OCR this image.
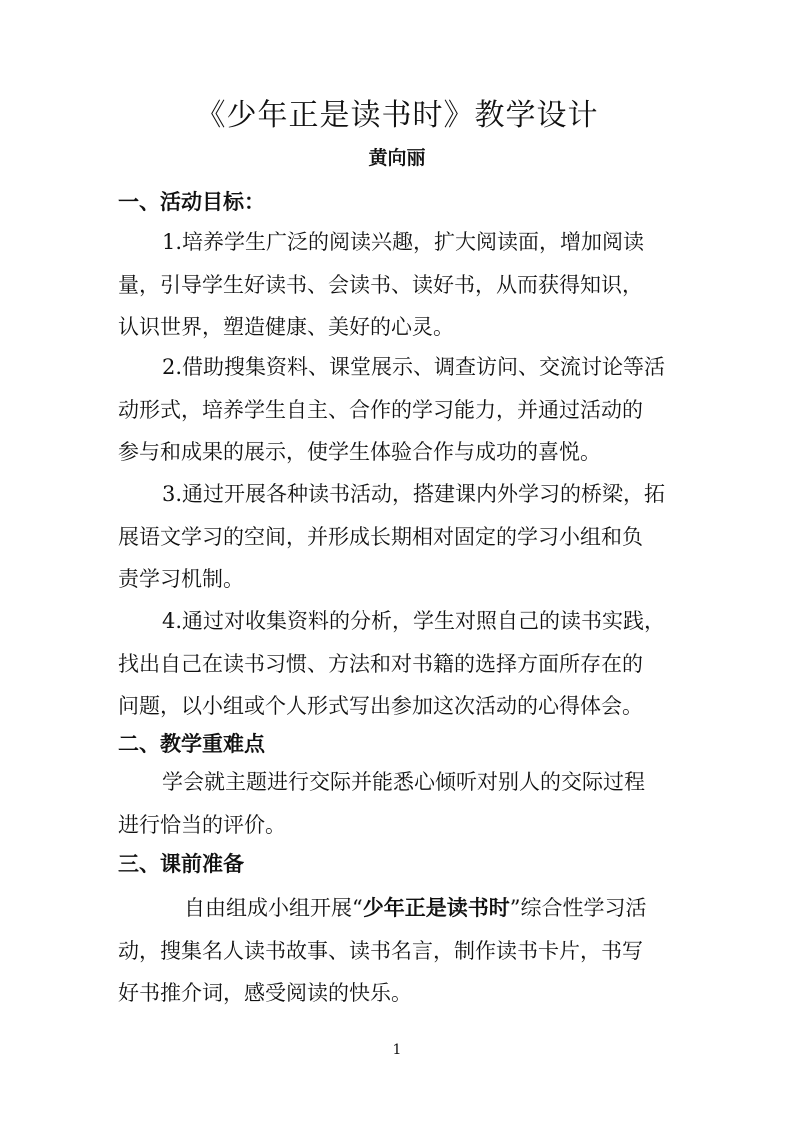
《少年正是读书时》教学设计
黄向丽
一、活动目标：
1.培养学生广泛的阅读兴趣，扩大阅读面，增加阅读
量，引导学生好读书、会读书、读好书，从而获得知识，
认识世界，塑造健康、美好的心灵。
2.借助搜集资料、课堂展示、调查访问、交流讨论等活
动形式，培养学生自主、合作的学习能力，并通过活动的
参与和成果的展示，使学生体验合作与成功的喜悦。
3.通过开展各种读书活动，搭建课内外学习的桥梁，拓
展语文学习的空间，并形成长期相对固定的学习小组和负
责学习机制。
4.通过对收集资料的分析，学生对照自己的读书实践，
找出自己在读书习惯、方法和对书籍的选择方面所存在的
问题，以小组或个人形式写出参加这次活动的心得体会。
二、教学重难点
学会就主题进行交际并能悉心倾听对别人的交际过程
进行恰当的评价。
三、课前准备
自由组成小组开展“少年正是读书时”综合性学习活
动，搜集名人读书故事、读书名言，制作读书卡片，书写
好书推介词，感受阅读的快乐。
1
